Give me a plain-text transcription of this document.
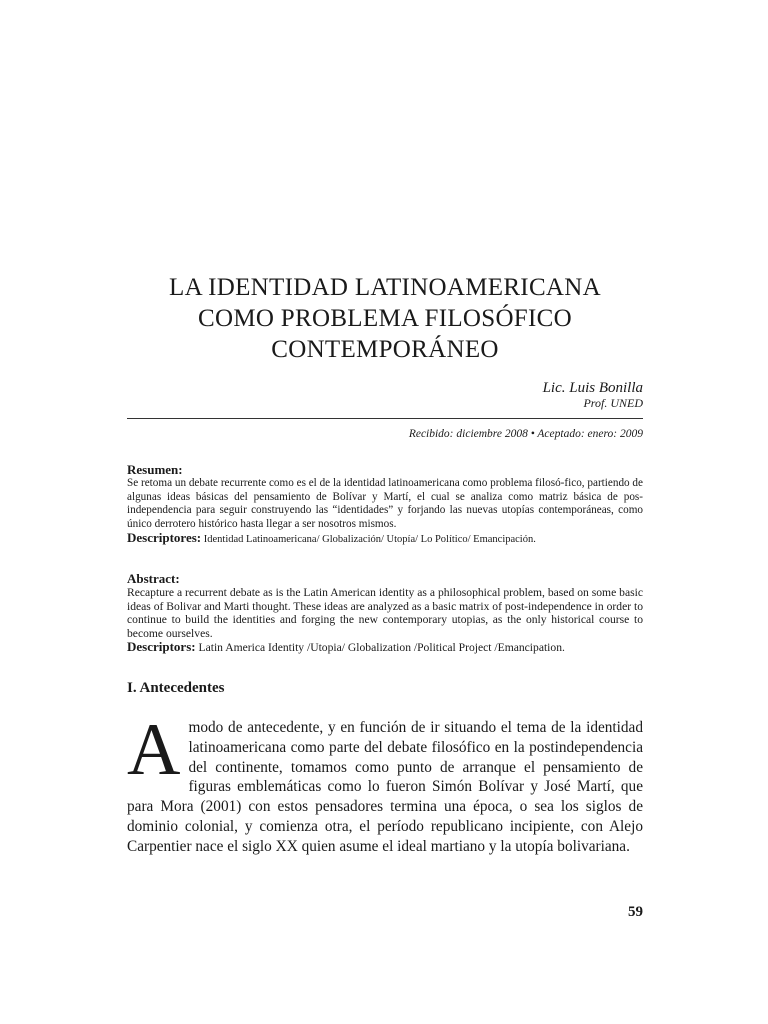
LA IDENTIDAD LATINOAMERICANA
COMO PROBLEMA FILOSÓFICO
CONTEMPORÁNEO
Lic. Luis Bonilla
Prof. UNED
Recibido: diciembre 2008 • Aceptado: enero: 2009
Resumen:

Se retoma un debate recurrente como es el de la identidad latinoamericana como problema filosó-fico, partiendo de algunas ideas básicas del pensamiento de Bolívar y Martí, el cual se analiza como matriz básica de pos-independencia para seguir construyendo las “identidades” y forjando las nuevas utopías contemporáneas, como único derrotero histórico hasta llegar a ser nosotros mismos.

Descriptores: Identidad Latinoamericana/ Globalización/ Utopía/ Lo Político/ Emancipación.
Abstract:

Recapture a recurrent debate as is the Latin American identity as a philosophical problem, based on some basic ideas of Bolivar and Marti thought. These ideas are analyzed as a basic matrix of post-independence in order to continue to build the identities and forging the new contemporary utopias, as the only historical course to become ourselves.

Descriptors: Latin America Identity /Utopia/ Globalization /Political Project /Emancipation.
I. Antecedentes

Amodo de antecedente, y en función de ir situando el tema de la identidad latinoamericana como parte del debate filosófico en la postindependencia del continente, tomamos como punto de arranque el pensamiento de figuras emblemáticas como lo fueron Simón Bolívar y José Martí, que para Mora (2001) con estos pensadores termina una época, o sea los siglos de dominio colonial, y comienza otra, el período republicano incipiente, con Alejo Carpentier nace el siglo XX quien asume el ideal martiano y la utopía bolivariana.

59
